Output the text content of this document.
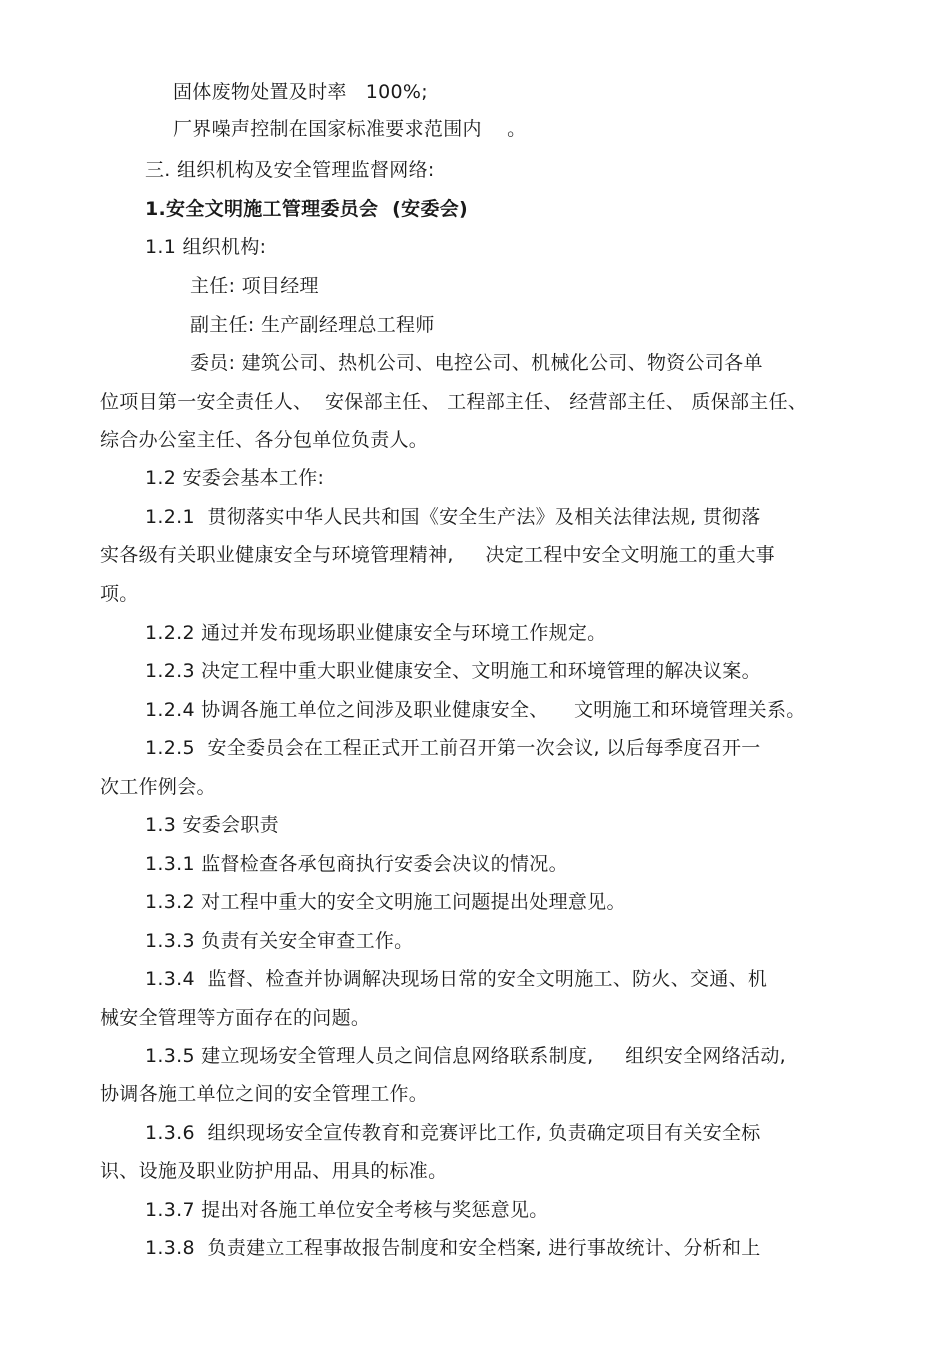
固体废物处置及时率   100%;
厂界噪声控制在国家标准要求范围内    。
三. 组织机构及安全管理监督网络:
1.安全文明施工管理委员会  (安委会)
1.1 组织机构:
主任: 项目经理
副主任: 生产副经理总工程师
委员: 建筑公司、热机公司、电控公司、机械化公司、物资公司各单
位项目第一安全责任人、  安保部主任、 工程部主任、 经营部主任、 质保部主任、
综合办公室主任、各分包单位负责人。
1.2 安委会基本工作:
1.2.1  贯彻落实中华人民共和国《安全生产法》及相关法律法规, 贯彻落
实各级有关职业健康安全与环境管理精神,     决定工程中安全文明施工的重大事
项。
1.2.2 通过并发布现场职业健康安全与环境工作规定。
1.2.3 决定工程中重大职业健康安全、文明施工和环境管理的解决议案。
1.2.4 协调各施工单位之间涉及职业健康安全、    文明施工和环境管理关系。
1.2.5  安全委员会在工程正式开工前召开第一次会议, 以后每季度召开一
次工作例会。
1.3 安委会职责
1.3.1 监督检查各承包商执行安委会决议的情况。
1.3.2 对工程中重大的安全文明施工问题提出处理意见。
1.3.3 负责有关安全审查工作。
1.3.4  监督、检查并协调解决现场日常的安全文明施工、防火、交通、机
械安全管理等方面存在的问题。
1.3.5 建立现场安全管理人员之间信息网络联系制度,     组织安全网络活动,
协调各施工单位之间的安全管理工作。
1.3.6  组织现场安全宣传教育和竞赛评比工作, 负责确定项目有关安全标
识、设施及职业防护用品、用具的标准。
1.3.7 提出对各施工单位安全考核与奖惩意见。
1.3.8  负责建立工程事故报告制度和安全档案, 进行事故统计、分析和上
